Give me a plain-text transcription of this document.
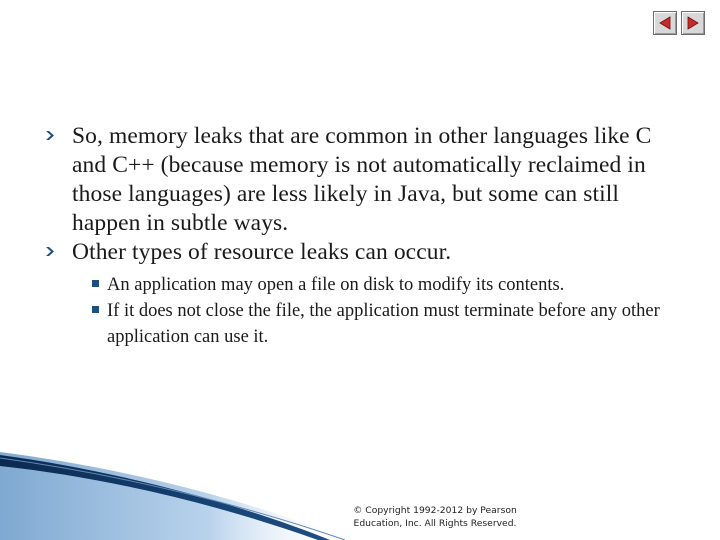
So, memory leaks that are common in other languages like C and C++ (because memory is not automatically reclaimed in those languages) are less likely in Java, but some can still happen in subtle ways.
Other types of resource leaks can occur.
An application may open a file on disk to modify its contents.
If it does not close the file, the application must terminate before any other application can use it.
© Copyright 1992-2012 by Pearson
Education, Inc. All Rights Reserved.
